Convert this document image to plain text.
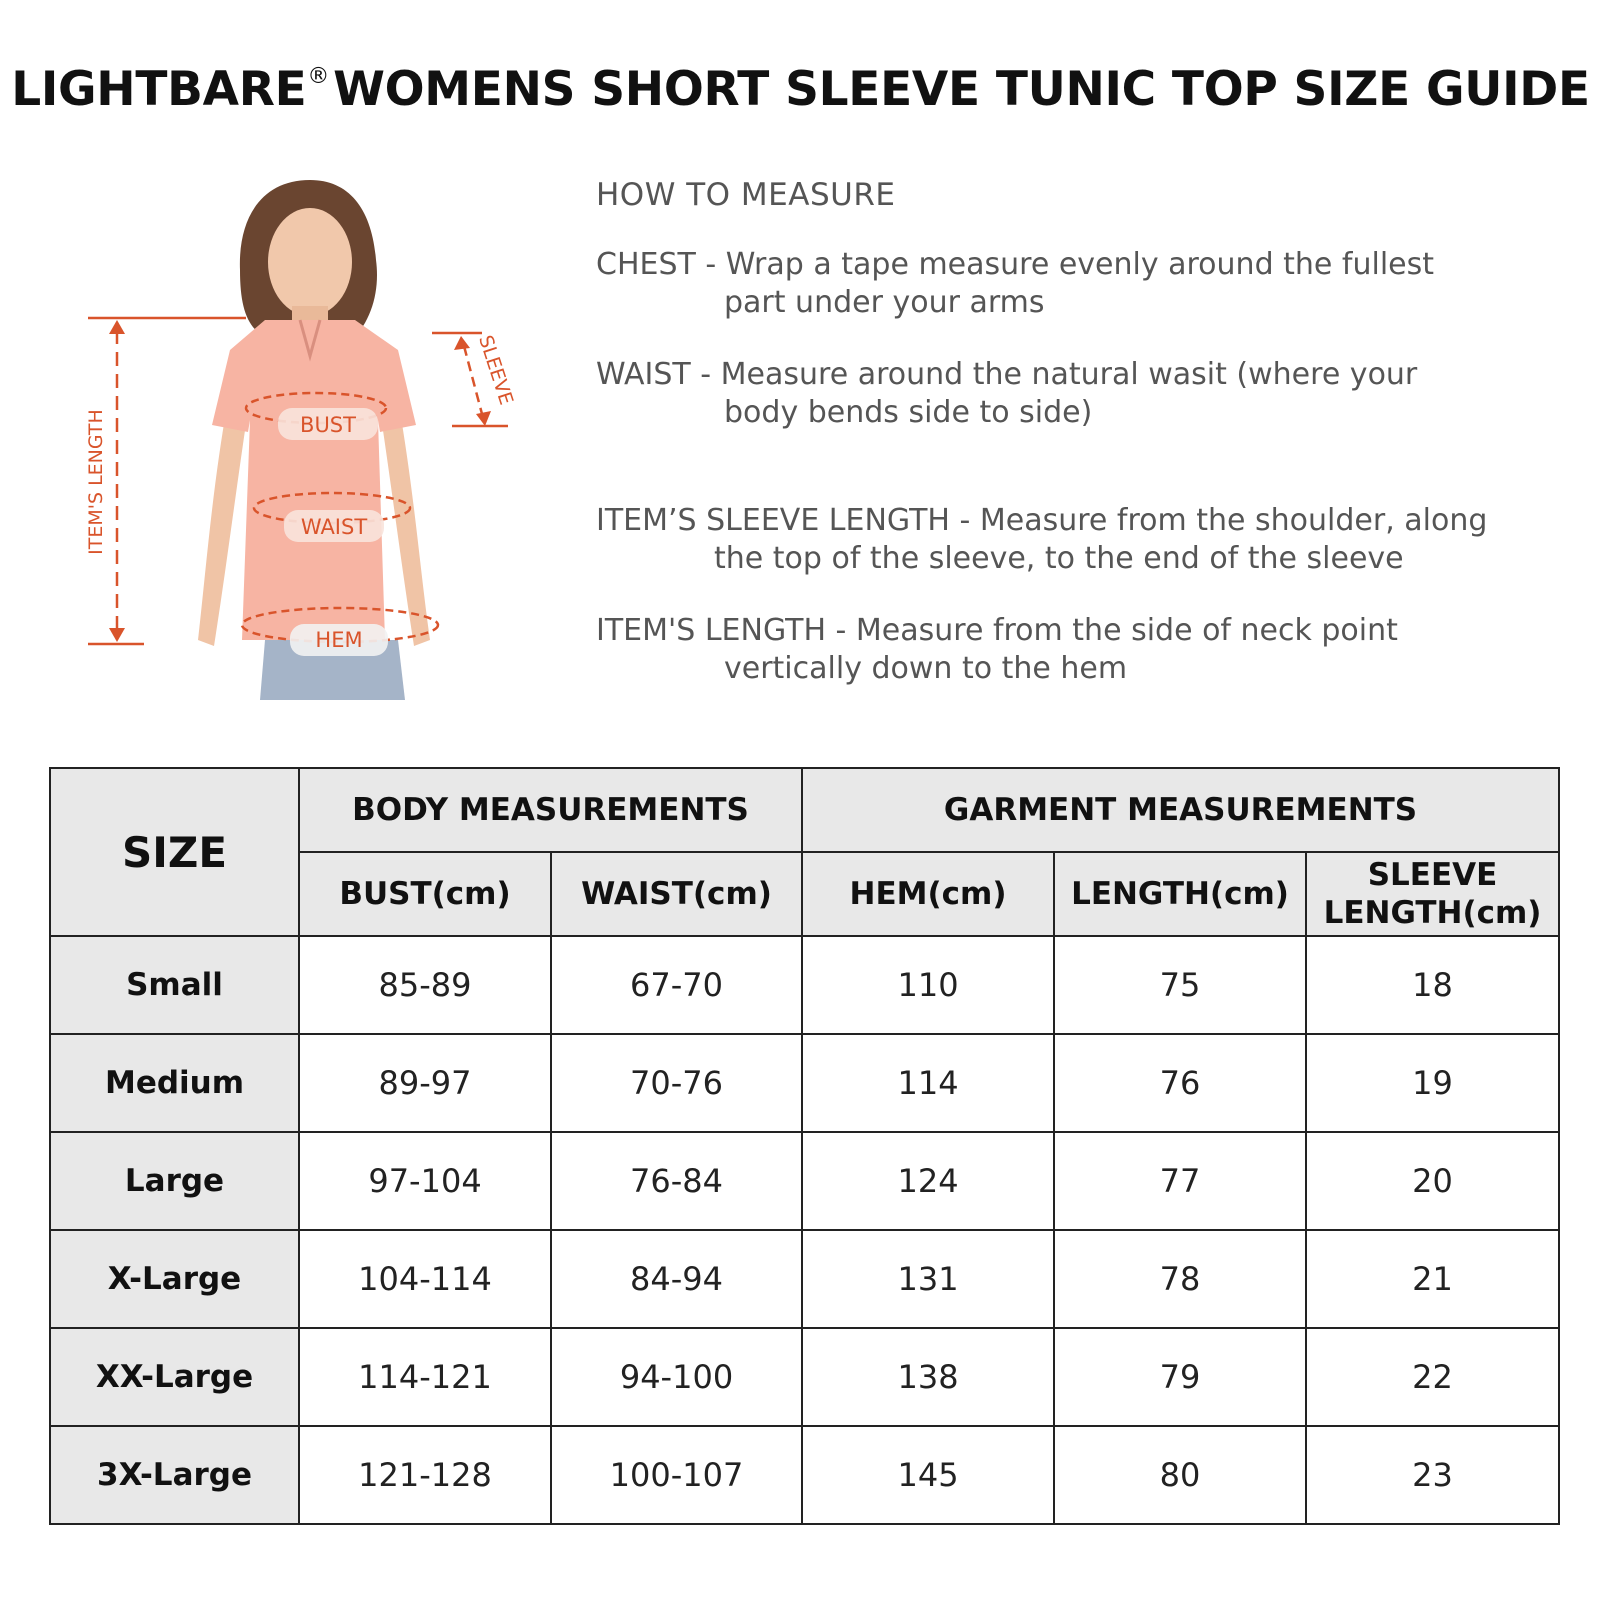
LIGHTBARE®WOMENS SHORT SLEEVE TUNIC TOP SIZE GUIDE
BUST
WAIST
HEM
ITEM'S LENGTH
SLEEVE
HOW TO MEASURE
CHEST - Wrap a tape measure evenly around the fullest
part under your arms
WAIST - Measure around the natural wasit (where your
body bends side to side)
ITEM’S SLEEVE LENGTH - Measure from the shoulder, along
the top of the sleeve, to the end of the sleeve
ITEM'S LENGTH - Measure from the side of neck point
vertically down to the hem
SIZE	BODY MEASUREMENTS		GARMENT MEASUREMENTS		
	BUST(cm)	WAIST(cm)	HEM(cm)	LENGTH(cm)	SLEEVE
LENGTH(cm)
Small	85-89	67-70	110	75	18
Medium	89-97	70-76	114	76	19
Large	97-104	76-84	124	77	20
X-Large	104-114	84-94	131	78	21
XX-Large	114-121	94-100	138	79	22
3X-Large	121-128	100-107	145	80	23
